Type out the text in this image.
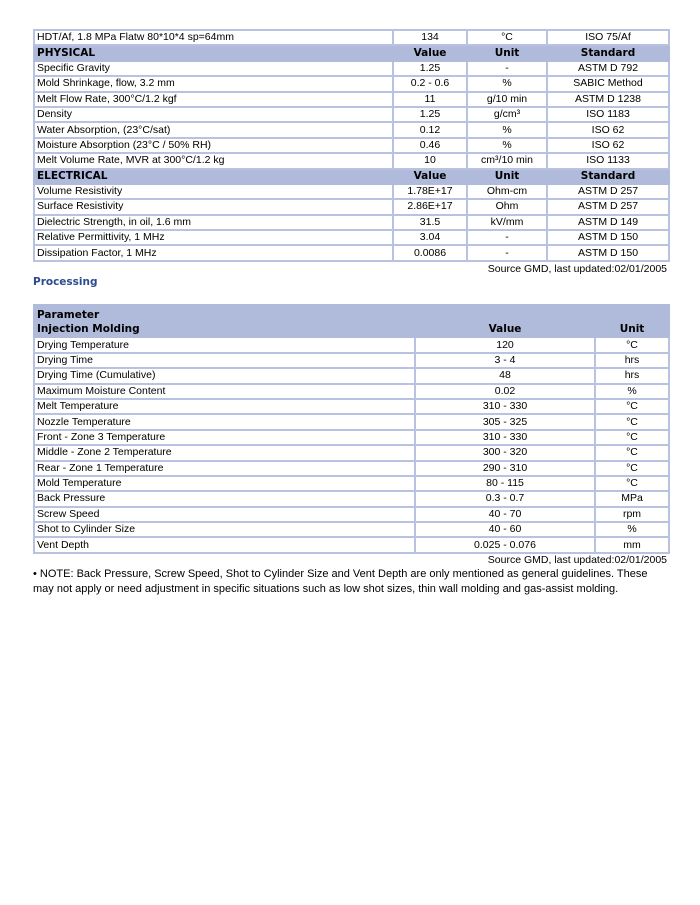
HDT/Af, 1.8 MPa Flatw 80*10*4 sp=64mm	134	°C	ISO 75/Af
PHYSICAL	Value	Unit	Standard
Specific Gravity	1.25	-	ASTM D 792
Mold Shrinkage, flow, 3.2 mm	0.2 - 0.6	%	SABIC Method
Melt Flow Rate, 300°C/1.2 kgf	11	g/10 min	ASTM D 1238
Density	1.25	g/cm³	ISO 1183
Water Absorption, (23°C/sat)	0.12	%	ISO 62
Moisture Absorption (23°C / 50% RH)	0.46	%	ISO 62
Melt Volume Rate, MVR at 300°C/1.2 kg	10	cm³/10 min	ISO 1133
ELECTRICAL	Value	Unit	Standard
Volume Resistivity	1.78E+17	Ohm-cm	ASTM D 257
Surface Resistivity	2.86E+17	Ohm	ASTM D 257
Dielectric Strength, in oil, 1.6 mm	31.5	kV/mm	ASTM D 149
Relative Permittivity, 1 MHz	3.04	-	ASTM D 150
Dissipation Factor, 1 MHz	0.0086	-	ASTM D 150
Source GMD, last updated:02/01/2005
Processing
Parameter		
Injection Molding	Value	Unit
Drying Temperature	120	°C
Drying Time	3 - 4	hrs
Drying Time (Cumulative)	48	hrs
Maximum Moisture Content	0.02	%
Melt Temperature	310 - 330	°C
Nozzle Temperature	305 - 325	°C
Front - Zone 3 Temperature	310 - 330	°C
Middle - Zone 2 Temperature	300 - 320	°C
Rear - Zone 1 Temperature	290 - 310	°C
Mold Temperature	80 - 115	°C
Back Pressure	0.3 - 0.7	MPa
Screw Speed	40 - 70	rpm
Shot to Cylinder Size	40 - 60	%
Vent Depth	0.025 - 0.076	mm
Source GMD, last updated:02/01/2005
• NOTE: Back Pressure, Screw Speed, Shot to Cylinder Size and Vent Depth are only mentioned as general guidelines. These may not apply or need adjustment in specific situations such as low shot sizes, thin wall molding and gas-assist molding.
